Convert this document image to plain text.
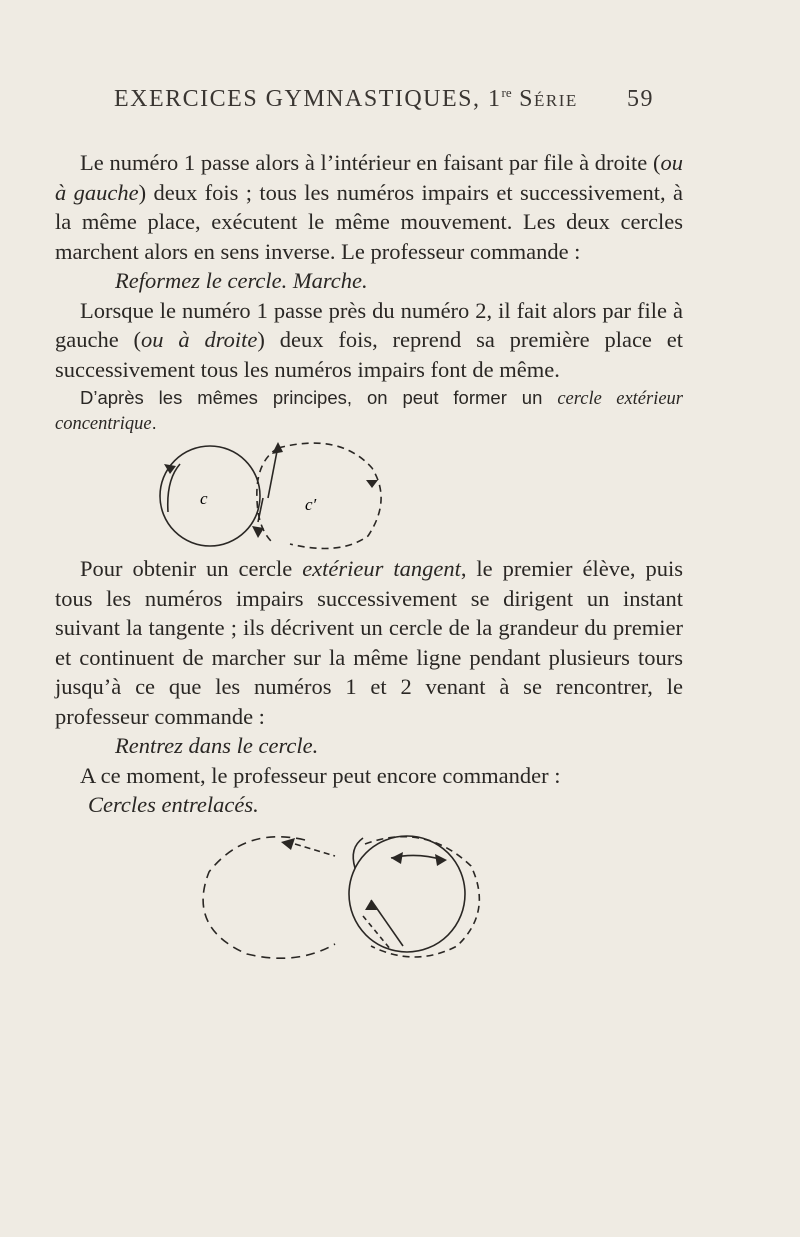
EXERCICES GYMNASTIQUES, 1re Série 59

Le numéro 1 passe alors à l’intérieur en faisant par file à droite (ou à gauche) deux fois ; tous les numéros impairs et successivement, à la même place, exécutent le même mouvement. Les deux cercles marchent alors en sens inverse. Le professeur commande :

Reformez le cercle. Marche.

Lorsque le numéro 1 passe près du numéro 2, il fait alors par file à gauche (ou à droite) deux fois, reprend sa première place et successivement tous les numéros impairs font de même.

D’après les mêmes principes, on peut former un cercle extérieur concentrique.

c	c′

Pour obtenir un cercle extérieur tangent, le premier élève, puis tous les numéros impairs successivement se dirigent un instant suivant la tangente ; ils décrivent un cercle de la grandeur du premier et continuent de marcher sur la même ligne pendant plusieurs tours jusqu’à ce que les numéros 1 et 2 venant à se rencontrer, le professeur commande :

Rentrez dans le cercle.

A ce moment, le professeur peut encore commander :

Cercles entrelacés.
